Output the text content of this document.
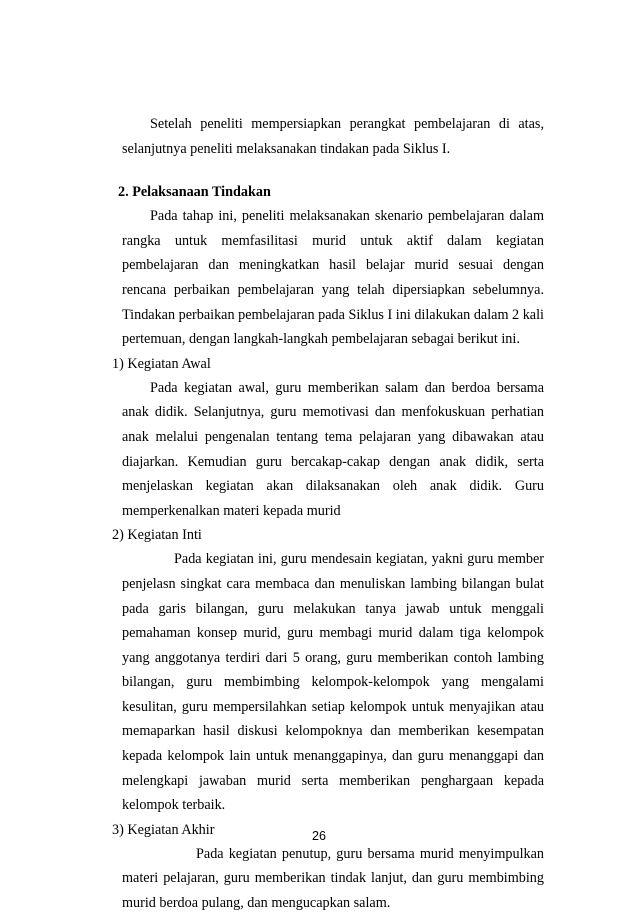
Setelah peneliti mempersiapkan perangkat pembelajaran di atas, selanjutnya peneliti melaksanakan tindakan pada Siklus I.

2. Pelaksanaan Tindakan

Pada tahap ini, peneliti melaksanakan skenario pembelajaran dalam rangka untuk memfasilitasi murid untuk aktif dalam kegiatan pembelajaran dan meningkatkan hasil belajar murid sesuai dengan rencana perbaikan pembelajaran yang telah dipersiapkan sebelumnya. Tindakan perbaikan pembelajaran pada Siklus I ini dilakukan dalam 2 kali pertemuan, dengan langkah-langkah pembelajaran sebagai berikut ini.

1) Kegiatan Awal

Pada kegiatan awal, guru memberikan salam dan berdoa bersama anak didik. Selanjutnya, guru memotivasi dan menfokuskuan perhatian anak melalui pengenalan tentang tema pelajaran yang dibawakan atau diajarkan. Kemudian guru bercakap-cakap dengan anak didik, serta menjelaskan kegiatan akan dilaksanakan oleh anak didik. Guru memperkenalkan materi kepada murid

2) Kegiatan Inti

Pada kegiatan ini, guru mendesain kegiatan, yakni guru member penjelasn singkat cara membaca dan menuliskan lambing bilangan bulat pada garis bilangan, guru melakukan tanya jawab untuk menggali pemahaman konsep murid, guru membagi murid dalam tiga kelompok yang anggotanya terdiri dari 5 orang, guru memberikan contoh lambing bilangan, guru membimbing kelompok-kelompok yang mengalami kesulitan, guru mempersilahkan setiap kelompok untuk menyajikan atau memaparkan hasil diskusi kelompoknya dan memberikan kesempatan kepada kelompok lain untuk menanggapinya, dan guru menanggapi dan melengkapi jawaban murid serta memberikan penghargaan kepada kelompok terbaik.

3) Kegiatan Akhir

Pada kegiatan penutup, guru bersama murid menyimpulkan materi pelajaran, guru memberikan tindak lanjut, dan guru membimbing murid berdoa pulang, dan mengucapkan salam.

26
